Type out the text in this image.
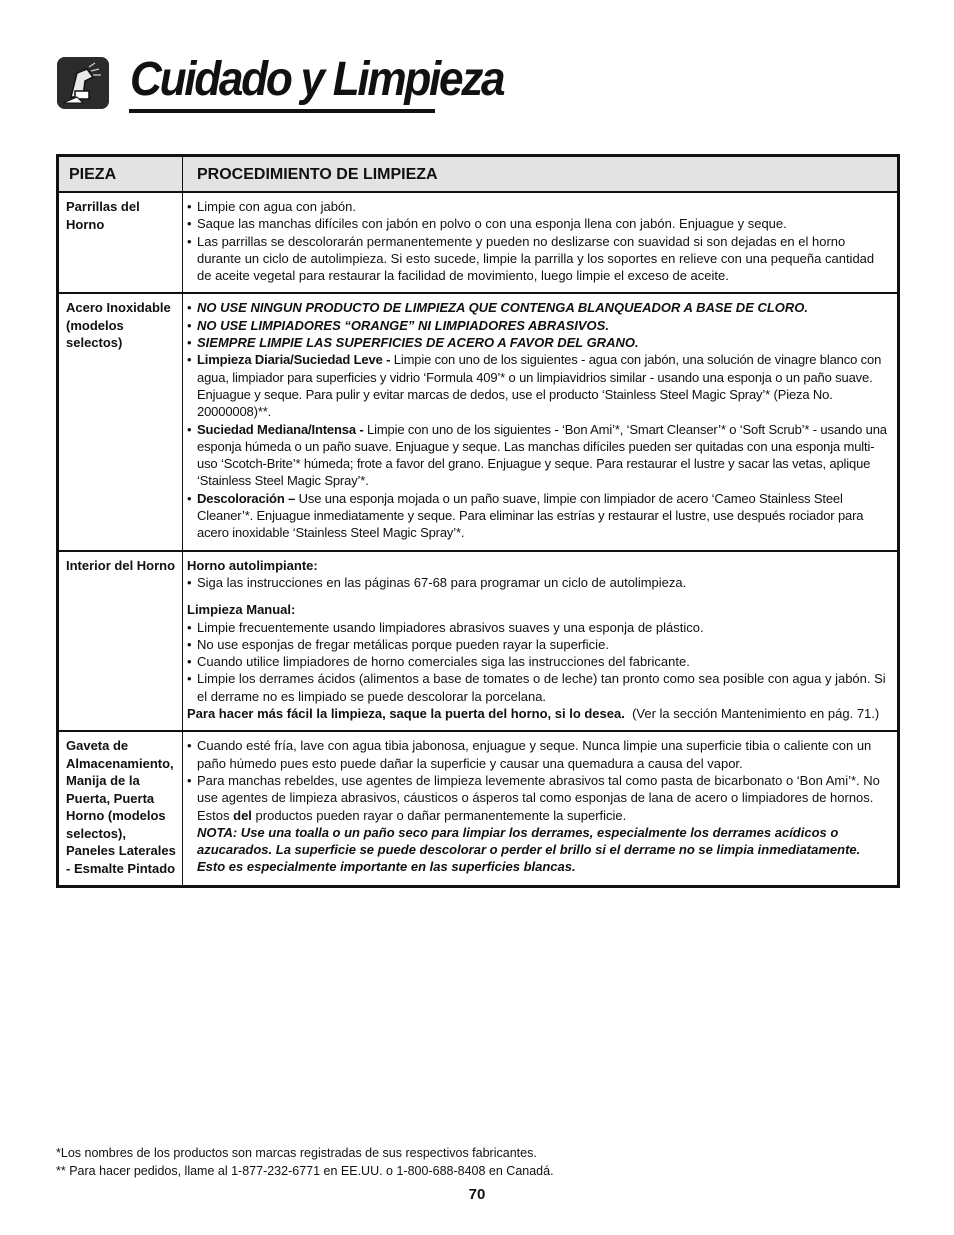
Cuidado y Limpieza
PIEZA	PROCEDIMIENTO DE LIMPIEZA
Parrillas del Horno
• Limpie con agua con jabón.
• Saque las manchas difíciles con jabón en polvo o con una esponja llena con jabón. Enjuague y seque.
• Las parrillas se descolorarán permanentemente y pueden no deslizarse con suavidad si son dejadas en el horno durante un ciclo de autolimpieza. Si esto sucede, limpie la parrilla y los soportes en relieve con una pequeña cantidad de aceite vegetal para restaurar la facilidad de movimiento, luego limpie el exceso de aceite.
Acero Inoxidable (modelos selectos)
• NO USE NINGUN PRODUCTO DE LIMPIEZA QUE CONTENGA BLANQUEADOR A BASE DE CLORO.
• NO USE LIMPIADORES “ORANGE” NI LIMPIADORES ABRASIVOS.
• SIEMPRE LIMPIE LAS SUPERFICIES DE ACERO A FAVOR DEL GRANO.
• Limpieza Diaria/Suciedad Leve - Limpie con uno de los siguientes - agua con jabón, una solución de vinagre blanco con agua, limpiador para superficies y vidrio ‘Formula 409’* o un limpiavidrios similar - usando una esponja o un paño suave. Enjuague y seque. Para pulir y evitar marcas de dedos, use el producto ‘Stainless Steel Magic Spray’* (Pieza No. 20000008)**.
• Suciedad Mediana/Intensa - Limpie con uno de los siguientes - ‘Bon Ami’*, ‘Smart Cleanser’* o ‘Soft Scrub’* - usando una esponja húmeda o un paño suave. Enjuague y seque. Las manchas difíciles pueden ser quitadas con una esponja multi-uso ‘Scotch-Brite’* húmeda; frote a favor del grano. Enjuague y seque. Para restaurar el lustre y sacar las vetas, aplique ‘Stainless Steel Magic Spray’*.
• Descoloración – Use una esponja mojada o un paño suave, limpie con limpiador de acero ‘Cameo Stainless Steel Cleaner’*. Enjuague inmediatamente y seque. Para eliminar las estrías y restaurar el lustre, use después rociador para acero inoxidable ‘Stainless Steel Magic Spray’*.
Interior del Horno Horno autolimpiante:
• Siga las instrucciones en las páginas 67-68 para programar un ciclo de autolimpieza.
Limpieza Manual:
• Limpie frecuentemente usando limpiadores abrasivos suaves y una esponja de plástico.
• No use esponjas de fregar metálicas porque pueden rayar la superficie.
• Cuando utilice limpiadores de horno comerciales siga las instrucciones del fabricante.
• Limpie los derrames ácidos (alimentos a base de tomates o de leche) tan pronto como sea posible con agua y jabón. Si el derrame no es limpiado se puede descolorar la porcelana.
Para hacer más fácil la limpieza, saque la puerta del horno, si lo desea. (Ver la sección Mantenimiento en pág. 71.)
Gaveta de Almacenamiento, Manija de la Puerta, Puerta Horno (modelos selectos), Paneles Laterales - Esmalte Pintado
• Cuando esté fría, lave con agua tibia jabonosa, enjuague y seque. Nunca limpie una superficie tibia o caliente con un paño húmedo pues esto puede dañar la superficie y causar una quemadura a causa del vapor.
• Para manchas rebeldes, use agentes de limpieza levemente abrasivos tal como pasta de bicarbonato o ‘Bon Ami’*. No use agentes de limpieza abrasivos, cáusticos o ásperos tal como esponjas de lana de acero o limpiadores de hornos. Estos del productos pueden rayar o dañar permanentemente la superficie.
NOTA: Use una toalla o un paño seco para limpiar los derrames, especialmente los derrames acídicos o azucarados. La superficie se puede descolorar o perder el brillo si el derrame no se limpia inmediatamente. Esto es especialmente importante en las superficies blancas.
*Los nombres de los productos son marcas registradas de sus respectivos fabricantes.
** Para hacer pedidos, llame al 1-877-232-6771 en EE.UU. o 1-800-688-8408 en Canadá.
70
